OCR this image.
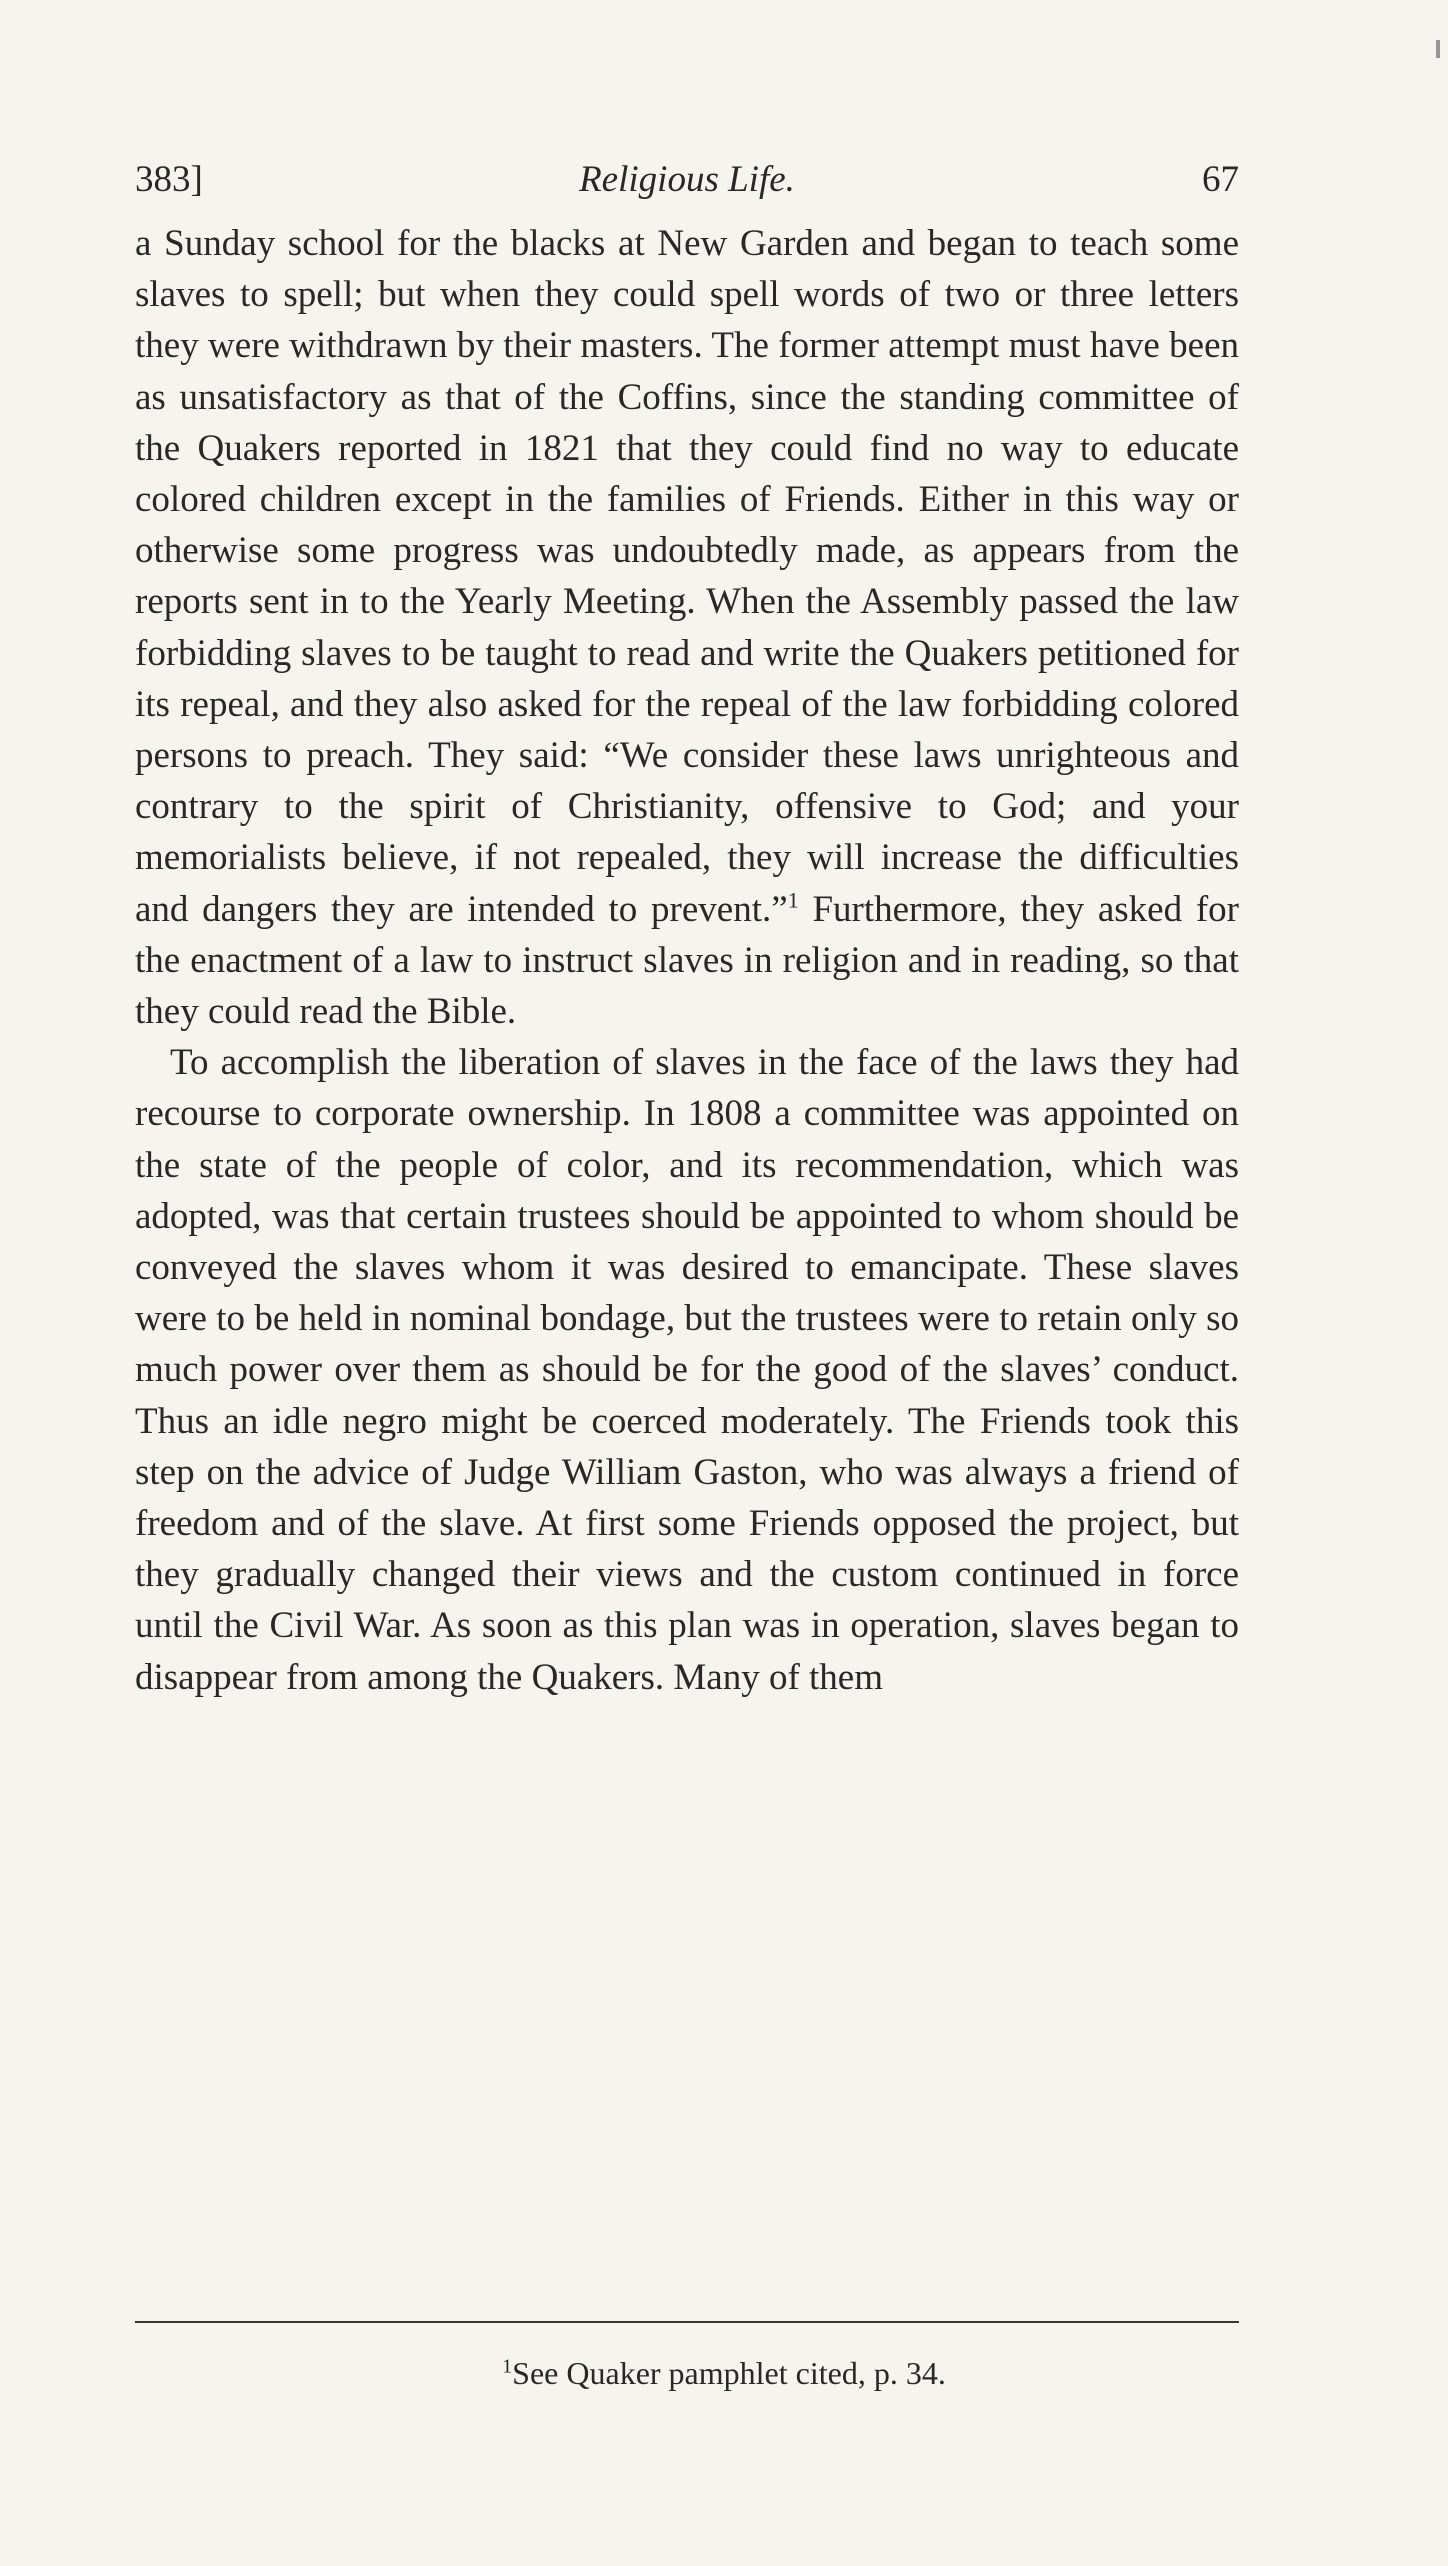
383]	Religious Life.	67

a Sunday school for the blacks at New Garden and began to teach some slaves to spell; but when they could spell words of two or three letters they were withdrawn by their masters. The former attempt must have been as unsatisfactory as that of the Coffins, since the standing committee of the Quakers reported in 1821 that they could find no way to educate colored children except in the families of Friends. Either in this way or otherwise some progress was undoubtedly made, as appears from the reports sent in to the Yearly Meeting. When the Assembly passed the law forbidding slaves to be taught to read and write the Quakers petitioned for its repeal, and they also asked for the repeal of the law forbidding colored persons to preach. They said: “We consider these laws unrighteous and contrary to the spirit of Christianity, offensive to God; and your memorialists believe, if not repealed, they will increase the difficulties and dangers they are intended to prevent.”$^1$ Furthermore, they asked for the enactment of a law to instruct slaves in religion and in reading, so that they could read the Bible.

To accomplish the liberation of slaves in the face of the laws they had recourse to corporate ownership. In 1808 a committee was appointed on the state of the people of color, and its recommendation, which was adopted, was that certain trustees should be appointed to whom should be conveyed the slaves whom it was desired to emancipate. These slaves were to be held in nominal bondage, but the trustees were to retain only so much power over them as should be for the good of the slaves’ conduct. Thus an idle negro might be coerced moderately. The Friends took this step on the advice of Judge William Gaston, who was always a friend of freedom and of the slave. At first some Friends opposed the project, but they gradually changed their views and the custom continued in force until the Civil War. As soon as this plan was in operation, slaves began to disappear from among the Quakers. Many of them

$^1$See Quaker pamphlet cited, p. 34.
